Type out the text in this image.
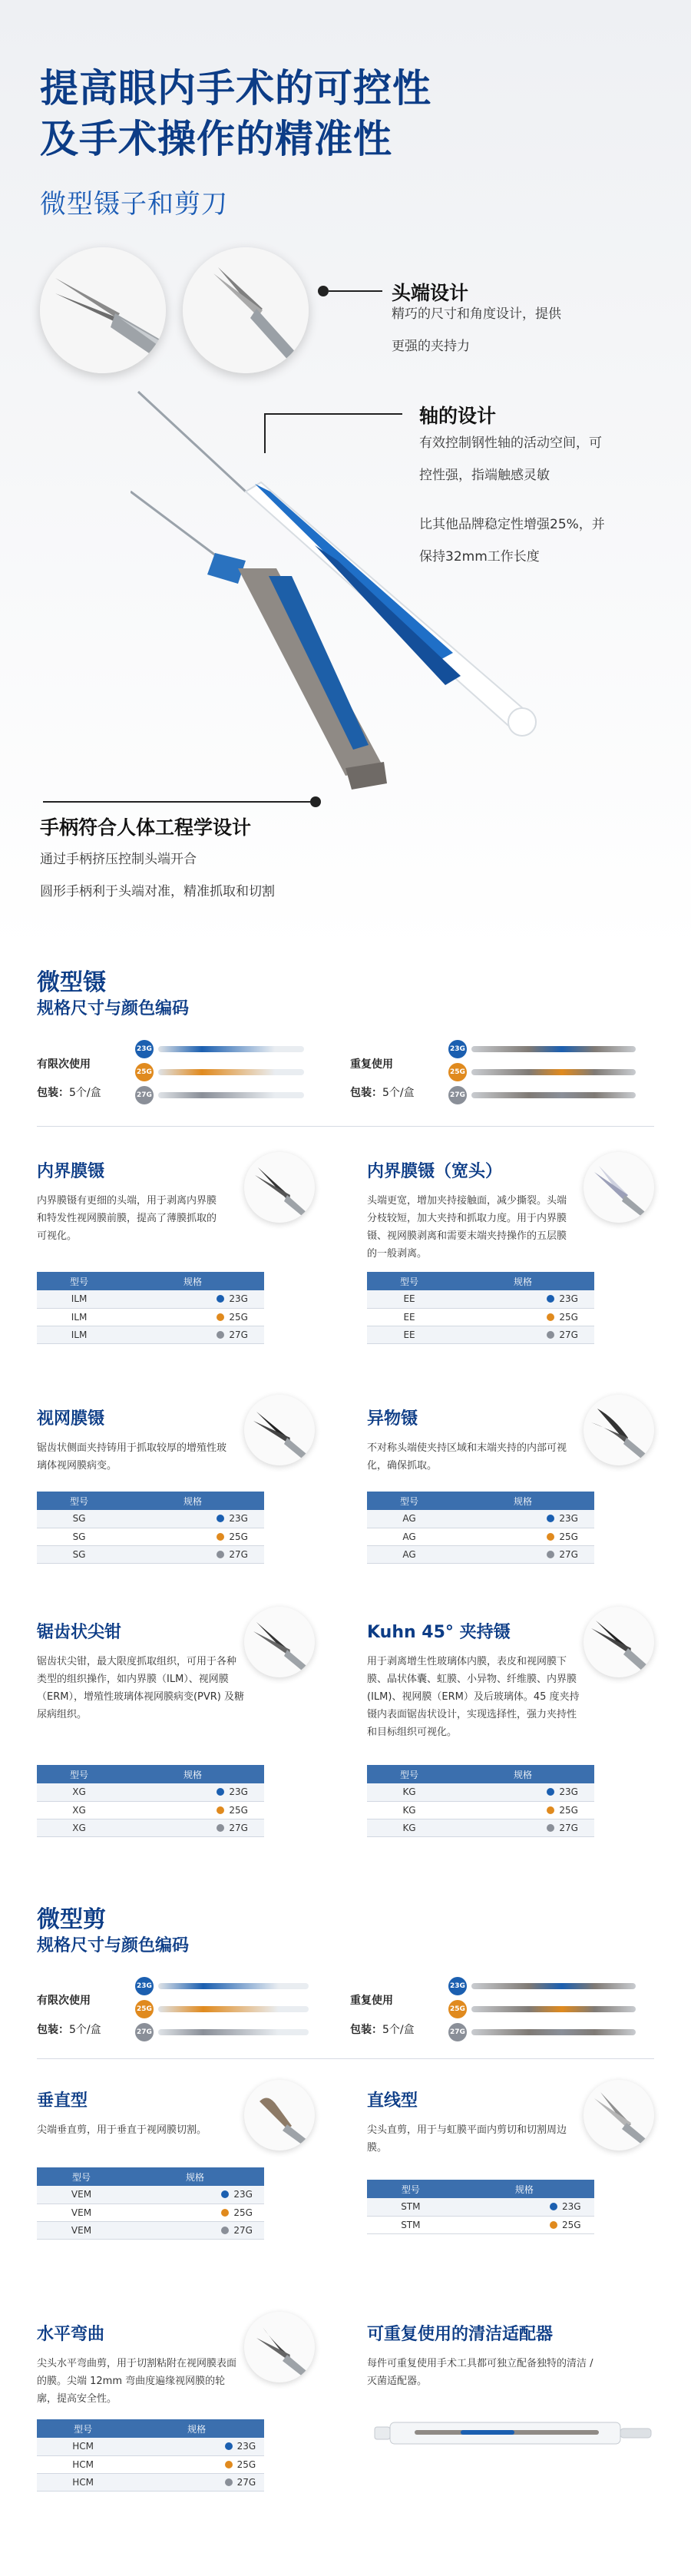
提高眼内手术的可控性
及手术操作的精准性
微型镊子和剪刀
头端设计
精巧的尺寸和角度设计，提供
更强的夹持力
轴的设计
有效控制钢性轴的活动空间，可
控性强，指端触感灵敏
比其他品牌稳定性增强25%，并
保持32mm工作长度
手柄符合人体工程学设计
通过手柄挤压控制头端开合
圆形手柄利于头端对准，精准抓取和切割
微型镊
规格尺寸与颜色编码
有限次使用
包装：5个/盒
23G
25G
27G
重复使用
包装：5个/盒
23G
25G
27G
内界膜镊
内界膜镊有更细的头端，用于剥离内界膜和特发性视网膜前膜，提高了薄膜抓取的可视化。
型号	规格
ILM	23G
ILM	25G
ILM	27G
内界膜镊（宽头）
头端更宽，增加夹持接触面，减少撕裂。头端分枝较短，加大夹持和抓取力度。用于内界膜镊、视网膜剥离和需要末端夹持操作的五层膜的一般剥离。
型号	规格
EE	23G
EE	25G
EE	27G
视网膜镊
锯齿状侧面夹持铸用于抓取较厚的增殖性玻璃体视网膜病变。
型号	规格
SG	23G
SG	25G
SG	27G
异物镊
不对称头端使夹持区域和末端夹持的内部可视化，确保抓取。
型号	规格
AG	23G
AG	25G
AG	27G
锯齿状尖钳
锯齿状尖钳，最大限度抓取组织，可用于各种类型的组织操作，如内界膜（ILM）、视网膜（ERM），增殖性玻璃体视网膜病变(PVR) 及糖尿病组织。
型号	规格
XG	23G
XG	25G
XG	27G
Kuhn 45° 夹持镊
用于剥离增生性玻璃体内膜，表皮和视网膜下膜、晶状体囊、虹膜、小异物、纤维膜、内界膜 (ILM)、视网膜（ERM）及后玻璃体。45 度夹持镊内表面锯齿状设计，实现选择性，强力夹持性和目标组织可视化。
型号	规格
KG	23G
KG	25G
KG	27G
微型剪
规格尺寸与颜色编码
有限次使用
包装：5个/盒
23G
25G
27G
重复使用
包装：5个/盒
23G
25G
27G
垂直型
尖端垂直剪，用于垂直于视网膜切割。
型号	规格
VEM	23G
VEM	25G
VEM	27G
直线型
尖头直剪，用于与虹膜平面内剪切和切割周边膜。
型号	规格
STM	23G
STM	25G
水平弯曲
尖头水平弯曲剪，用于切割粘附在视网膜表面的膜。尖端 12mm 弯曲度遍缘视网膜的轮廓，提高安全性。
型号	规格
HCM	23G
HCM	25G
HCM	27G
可重复使用的清洁适配器
每件可重复使用手术工具都可独立配备独特的清洁 / 灭菌适配器。
